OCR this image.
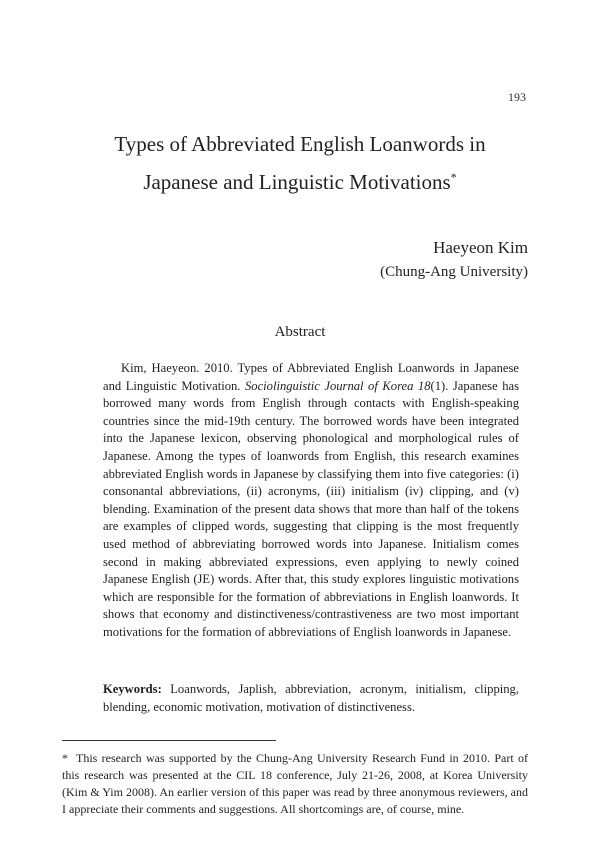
193
Types of Abbreviated English Loanwords in
Japanese and Linguistic Motivations*
Haeyeon Kim
(Chung-Ang University)
Abstract
Kim, Haeyeon. 2010. Types of Abbreviated English Loanwords in Japanese and Linguistic Motivation. Sociolinguistic Journal of Korea 18(1). Japanese has borrowed many words from English through contacts with English-speaking countries since the mid-19th century. The borrowed words have been integrated into the Japanese lexicon, observing phonological and morphological rules of Japanese. Among the types of loanwords from English, this research examines abbreviated English words in Japanese by classifying them into five categories: (i) consonantal abbreviations, (ii) acronyms, (iii) initialism (iv) clipping, and (v) blending. Examination of the present data shows that more than half of the tokens are examples of clipped words, suggesting that clipping is the most frequently used method of abbreviating borrowed words into Japanese. Initialism comes second in making abbreviated expressions, even applying to newly coined Japanese English (JE) words. After that, this study explores linguistic motivations which are responsible for the formation of abbreviations in English loanwords. It shows that economy and distinctiveness/contrastiveness are two most important motivations for the formation of abbreviations of English loanwords in Japanese.
Keywords: Loanwords, Japlish, abbreviation, acronym, initialism, clipping, blending, economic motivation, motivation of distinctiveness.
* This research was supported by the Chung-Ang University Research Fund in 2010. Part of this research was presented at the CIL 18 conference, July 21-26, 2008, at Korea University (Kim & Yim 2008). An earlier version of this paper was read by three anonymous reviewers, and I appreciate their comments and suggestions. All shortcomings are, of course, mine.
